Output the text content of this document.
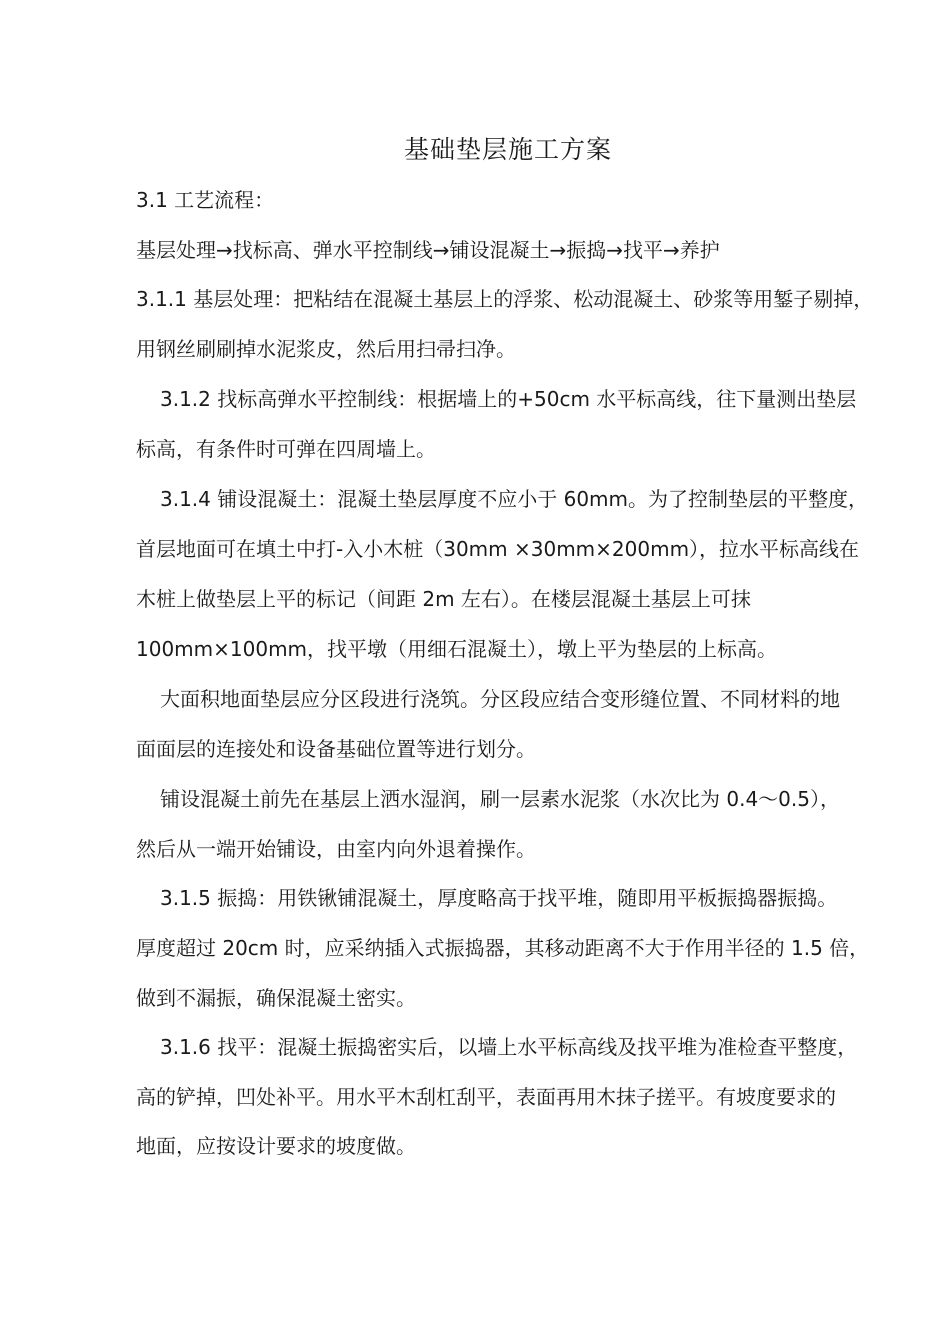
基础垫层施工方案

3.1 工艺流程：

基层处理→找标高、弹水平控制线→铺设混凝土→振捣→找平→养护

3.1.1 基层处理：把粘结在混凝土基层上的浮浆、松动混凝土、砂浆等用錾子剔掉，

用钢丝刷刷掉水泥浆皮，然后用扫帚扫净。

3.1.2 找标高弹水平控制线：根据墙上的+50cm 水平标高线，往下量测出垫层

标高，有条件时可弹在四周墙上。

3.1.4 铺设混凝土：混凝土垫层厚度不应小于 60mm。为了控制垫层的平整度，

首层地面可在填土中打-入小木桩（30mm ×30mm×200mm），拉水平标高线在

木桩上做垫层上平的标记（间距 2m 左右）。在楼层混凝土基层上可抹

100mm×100mm，找平墩（用细石混凝土），墩上平为垫层的上标高。

大面积地面垫层应分区段进行浇筑。分区段应结合变形缝位置、不同材料的地

面面层的连接处和设备基础位置等进行划分。

铺设混凝土前先在基层上洒水湿润，刷一层素水泥浆（水次比为 0.4～0.5），

然后从一端开始铺设，由室内向外退着操作。

3.1.5 振捣：用铁锹铺混凝土，厚度略高于找平堆，随即用平板振捣器振捣。

厚度超过 20cm 时，应采纳插入式振捣器，其移动距离不大于作用半径的 1.5 倍，

做到不漏振，确保混凝土密实。

3.1.6 找平：混凝土振捣密实后，以墙上水平标高线及找平堆为准检查平整度，

高的铲掉，凹处补平。用水平木刮杠刮平，表面再用木抹子搓平。有坡度要求的

地面，应按设计要求的坡度做。
